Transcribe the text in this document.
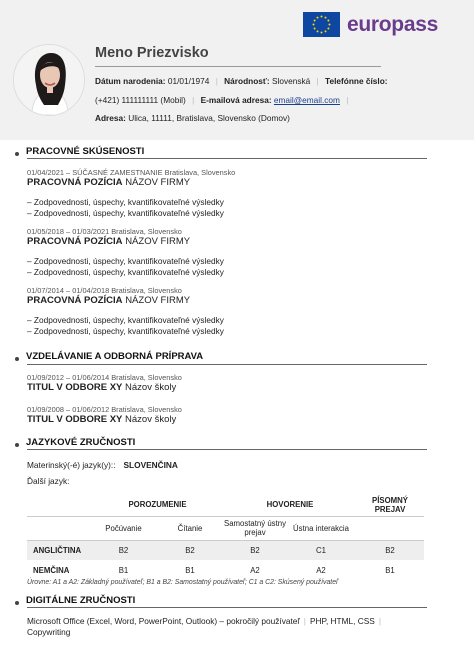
Meno Priezvisko
Dátum narodenia: 01/01/1974 | Národnosť: Slovenská | Telefónne číslo:
(+421) 111111111 (Mobil) | E-mailová adresa: email@email.com |
Adresa: Ulica, 11111, Bratislava, Slovensko (Domov)
europass
PRACOVNÉ SKÚSENOSTI
01/04/2021 – SÚČASNÉ ZAMESTNANIE Bratislava, Slovensko
PRACOVNÁ POZÍCIA NÁZOV FIRMY
– Zodpovednosti, úspechy, kvantifikovateľné výsledky
– Zodpovednosti, úspechy, kvantifikovateľné výsledky
01/05/2018 – 01/03/2021 Bratislava, Slovensko
PRACOVNÁ POZÍCIA NÁZOV FIRMY
– Zodpovednosti, úspechy, kvantifikovateľné výsledky
– Zodpovednosti, úspechy, kvantifikovateľné výsledky
01/07/2014 – 01/04/2018 Bratislava, Slovensko
PRACOVNÁ POZÍCIA NÁZOV FIRMY
– Zodpovednosti, úspechy, kvantifikovateľné výsledky
– Zodpovednosti, úspechy, kvantifikovateľné výsledky
VZDELÁVANIE A ODBORNÁ PRÍPRAVA
01/09/2012 – 01/06/2014 Bratislava, Slovensko
TITUL V ODBORE XY Názov školy
01/09/2008 – 01/06/2012 Bratislava, Slovensko
TITUL V ODBORE XY Názov školy
JAZYKOVÉ ZRUČNOSTI
Materinský(-é) jazyk(y):: SLOVENČINA
Ďalší jazyk:
	POROZUMENIE		HOVORENIE		PÍSOMNÝ PREJAV
	Počúvanie	Čítanie	Samostatný ústny prejav	Ústna interakcia	
ANGLIČTINA	B2	B2	B2	C1	B2
NEMČINA	B1	B1	A2	A2	B1
Úrovne: A1 a A2: Základný používateľ; B1 a B2: Samostatný používateľ; C1 a C2: Skúsený používateľ
DIGITÁLNE ZRUČNOSTI
Microsoft Office (Excel, Word, PowerPoint, Outlook) – pokročilý používateľ | PHP, HTML, CSS |
Copywriting
